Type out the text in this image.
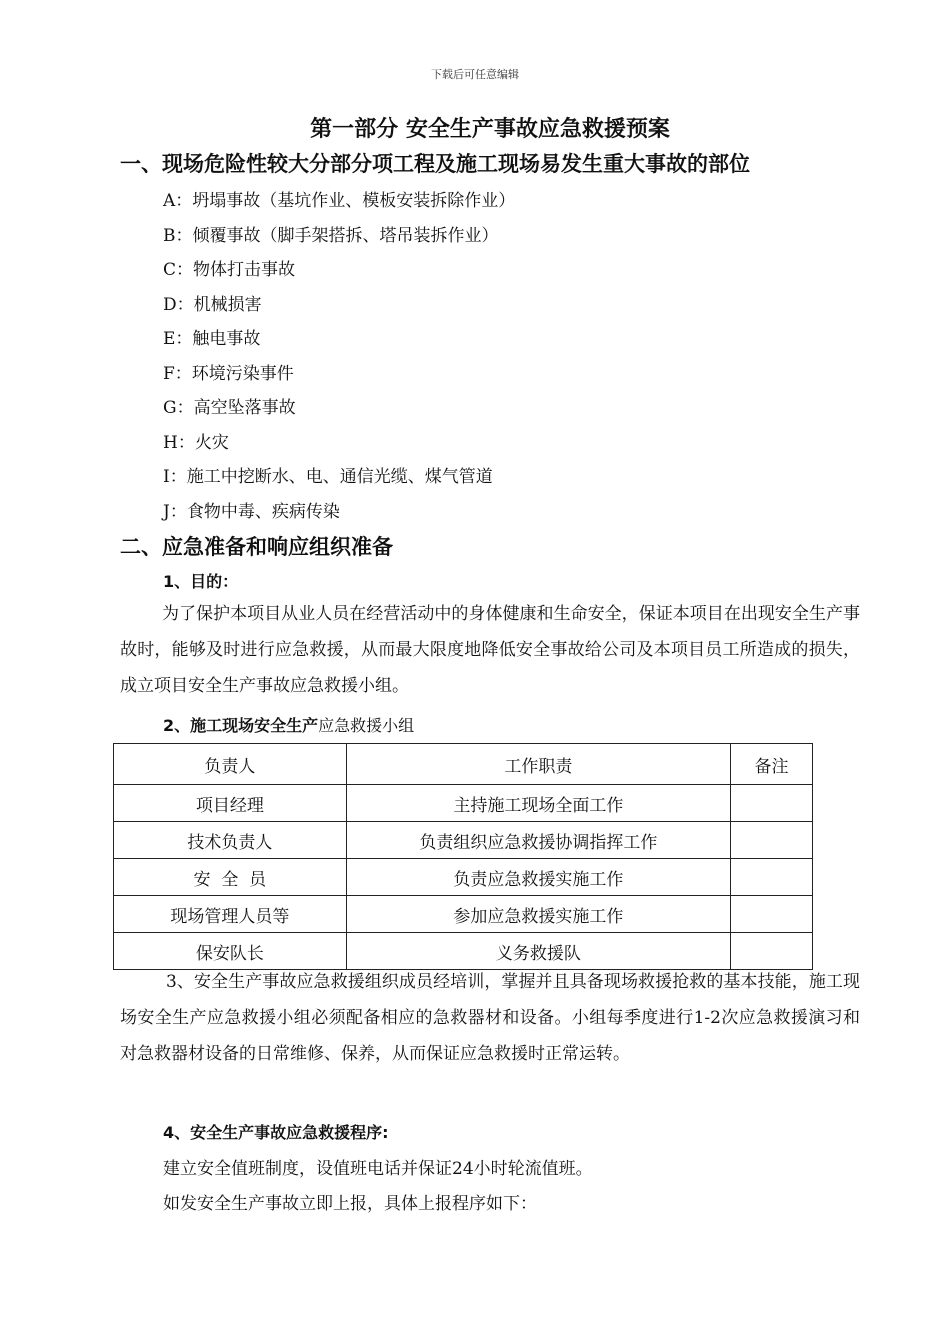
下载后可任意编辑
第一部分 安全生产事故应急救援预案
一、现场危险性较大分部分项工程及施工现场易发生重大事故的部位
A：坍塌事故（基坑作业、模板安装拆除作业）
B：倾覆事故（脚手架搭拆、塔吊装拆作业）
C：物体打击事故
D：机械损害
E：触电事故
F：环境污染事件
G：高空坠落事故
H：火灾
I：施工中挖断水、电、通信光缆、煤气管道
J：食物中毒、疾病传染
二、应急准备和响应组织准备
1、目的：

为了保护本项目从业人员在经营活动中的身体健康和生命安全，保证本项目在出现安全生产事故时，能够及时进行应急救援，从而最大限度地降低安全事故给公司及本项目员工所造成的损失，成立项目安全生产事故应急救援小组。

2、施工现场安全生产应急救援小组
负责人	工作职责	备注
项目经理	主持施工现场全面工作	
技术负责人	负责组织应急救援协调指挥工作	
安  全  员	负责应急救援实施工作	
现场管理人员等	参加应急救援实施工作	
保安队长	义务救援队	

3、安全生产事故应急救援组织成员经培训，掌握并且具备现场救援抢救的基本技能，施工现场安全生产应急救援小组必须配备相应的急救器材和设备。小组每季度进行1-2次应急救援演习和对急救器材设备的日常维修、保养，从而保证应急救援时正常运转。

4、安全生产事故应急救援程序:
建立安全值班制度，设值班电话并保证24小时轮流值班。
如发安全生产事故立即上报，具体上报程序如下：
